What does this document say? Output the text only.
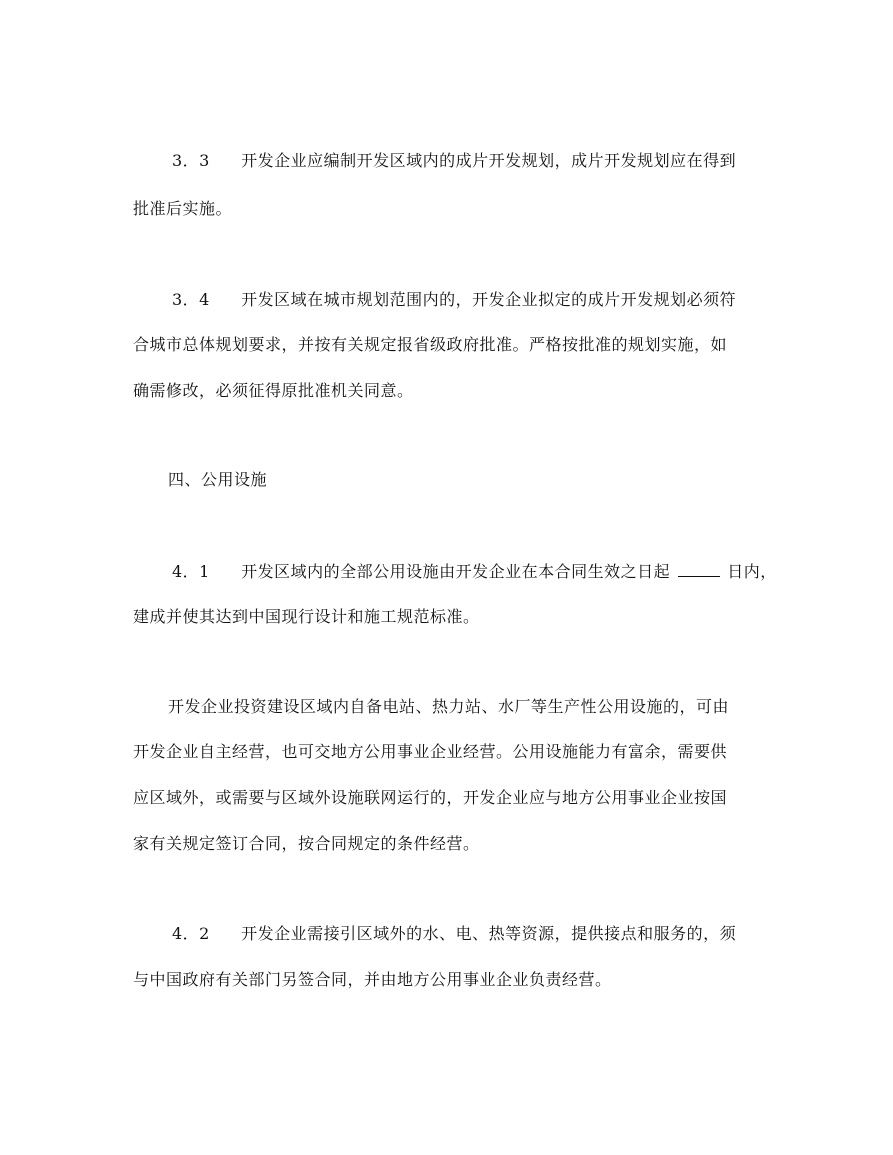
3．3 开发企业应编制开发区域内的成片开发规划，成片开发规划应在得到
批准后实施。
3．4 开发区域在城市规划范围内的，开发企业拟定的成片开发规划必须符
合城市总体规划要求，并按有关规定报省级政府批准。严格按批准的规划实施，如
确需修改，必须征得原批准机关同意。
四、公用设施
4．1 开发区域内的全部公用设施由开发企业在本合同生效之日起	日内，
建成并使其达到中国现行设计和施工规范标准。
开发企业投资建设区域内自备电站、热力站、水厂等生产性公用设施的，可由
开发企业自主经营，也可交地方公用事业企业经营。公用设施能力有富余，需要供
应区域外，或需要与区域外设施联网运行的，开发企业应与地方公用事业企业按国
家有关规定签订合同，按合同规定的条件经营。
4．2 开发企业需接引区域外的水、电、热等资源，提供接点和服务的，须
与中国政府有关部门另签合同，并由地方公用事业企业负责经营。
